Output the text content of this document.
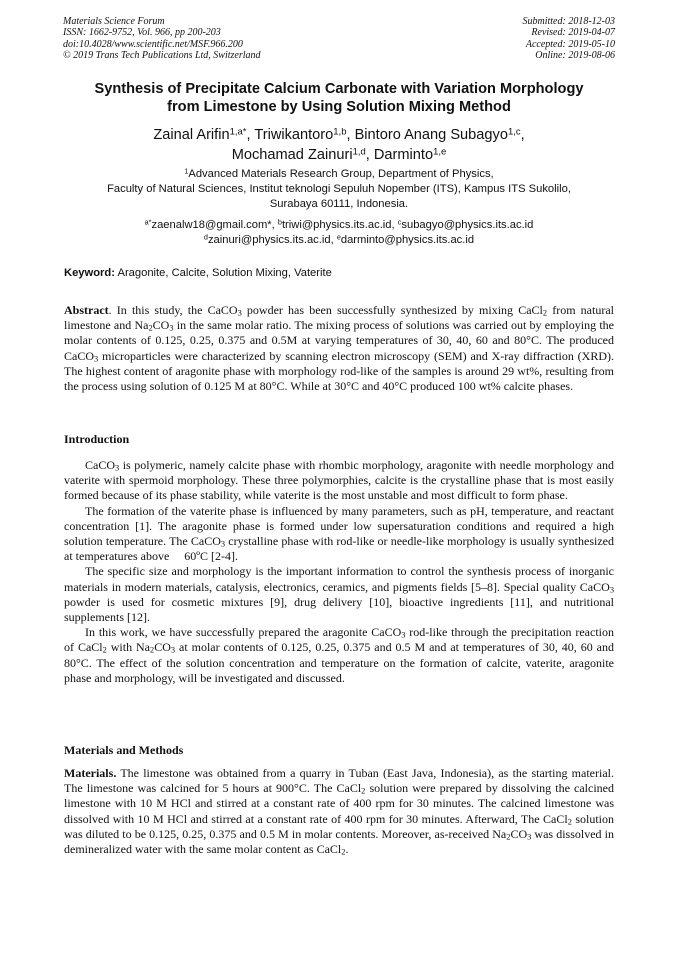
Materials Science Forum
ISSN: 1662-9752, Vol. 966, pp 200-203
doi:10.4028/www.scientific.net/MSF.966.200
© 2019 Trans Tech Publications Ltd, Switzerland
Submitted: 2018-12-03
Revised: 2019-04-07
Accepted: 2019-05-10
Online: 2019-08-06
Synthesis of Precipitate Calcium Carbonate with Variation Morphology
from Limestone by Using Solution Mixing Method
Zainal Arifin$^{1,a*}$, Triwikantoro$^{1,b}$, Bintoro Anang Subagyo$^{1,c}$,
Mochamad Zainuri$^{1,d}$, Darminto$^{1,e}$
$^1$Advanced Materials Research Group, Department of Physics,
Faculty of Natural Sciences, Institut teknologi Sepuluh Nopember (ITS), Kampus ITS Sukolilo,
Surabaya 60111, Indonesia.
$^{a*}$zaenalw18@gmail.com*, $^b$triwi@physics.its.ac.id, $^c$subagyo@physics.its.ac.id
$^d$zainuri@physics.its.ac.id, $^e$darminto@physics.its.ac.id
Keyword: Aragonite, Calcite, Solution Mixing, Vaterite

Abstract. In this study, the CaCO$_3$ powder has been successfully synthesized by mixing CaCl$_2$ from natural limestone and $Na_2CO_3$ in the same molar ratio. The mixing process of solutions was carried out by employing the molar contents of 0.125, 0.25, 0.375 and 0.5M at varying temperatures of 30, 40, 60 and 80°C. The produced CaCO$_3$ microparticles were characterized by scanning electron microscopy (SEM) and X-ray diffraction (XRD). The highest content of aragonite phase with morphology rod-like of the samples is around 29 wt%, resulting from the process using solution of 0.125 M at 80°C. While at 30°C and 40°C produced 100 wt% calcite phases.

Introduction

CaCO$_3$ is polymeric, namely calcite phase with rhombic morphology, aragonite with needle morphology and vaterite with spermoid morphology. These three polymorphies, calcite is the crystalline phase that is most easily formed because of its phase stability, while vaterite is the most unstable and most difficult to form phase.

The formation of the vaterite phase is influenced by many parameters, such as pH, temperature, and reactant concentration [1]. The aragonite phase is formed under low supersaturation conditions and required a high solution temperature. The CaCO$_3$ crystalline phase with rod-like or needle-like morphology is usually synthesized at temperatures above     60ºC [2-4].

The specific size and morphology is the important information to control the synthesis process of inorganic materials in modern materials, catalysis, electronics, ceramics, and pigments fields [5–8]. Special quality CaCO$_3$ powder is used for cosmetic mixtures [9], drug delivery [10], bioactive ingredients [11], and nutritional supplements [12].

In this work, we have successfully prepared the aragonite CaCO$_3$ rod-like through the precipitation reaction of CaCl$_2$ with $Na_2CO_3$ at molar contents of 0.125, 0.25, 0.375 and 0.5 M and at temperatures of 30, 40, 60 and 80°C. The effect of the solution concentration and temperature on the formation of calcite, vaterite, aragonite phase and morphology, will be investigated and discussed.

Materials and Methods

Materials. The limestone was obtained from a quarry in Tuban (East Java, Indonesia), as the starting material. The limestone was calcined for 5 hours at 900°C. The CaCl$_2$ solution were prepared by dissolving the calcined limestone with 10 M HCl and stirred at a constant rate of 400 rpm for 30 minutes. The calcined limestone was dissolved with 10 M HCl and stirred at a constant rate of 400 rpm for 30 minutes. Afterward, The CaCl$_2$ solution was diluted to be 0.125, 0.25, 0.375 and 0.5 M in molar contents. Moreover, as-received $Na_2CO_3$ was dissolved in demineralized water with the same molar content as CaCl$_2$.
